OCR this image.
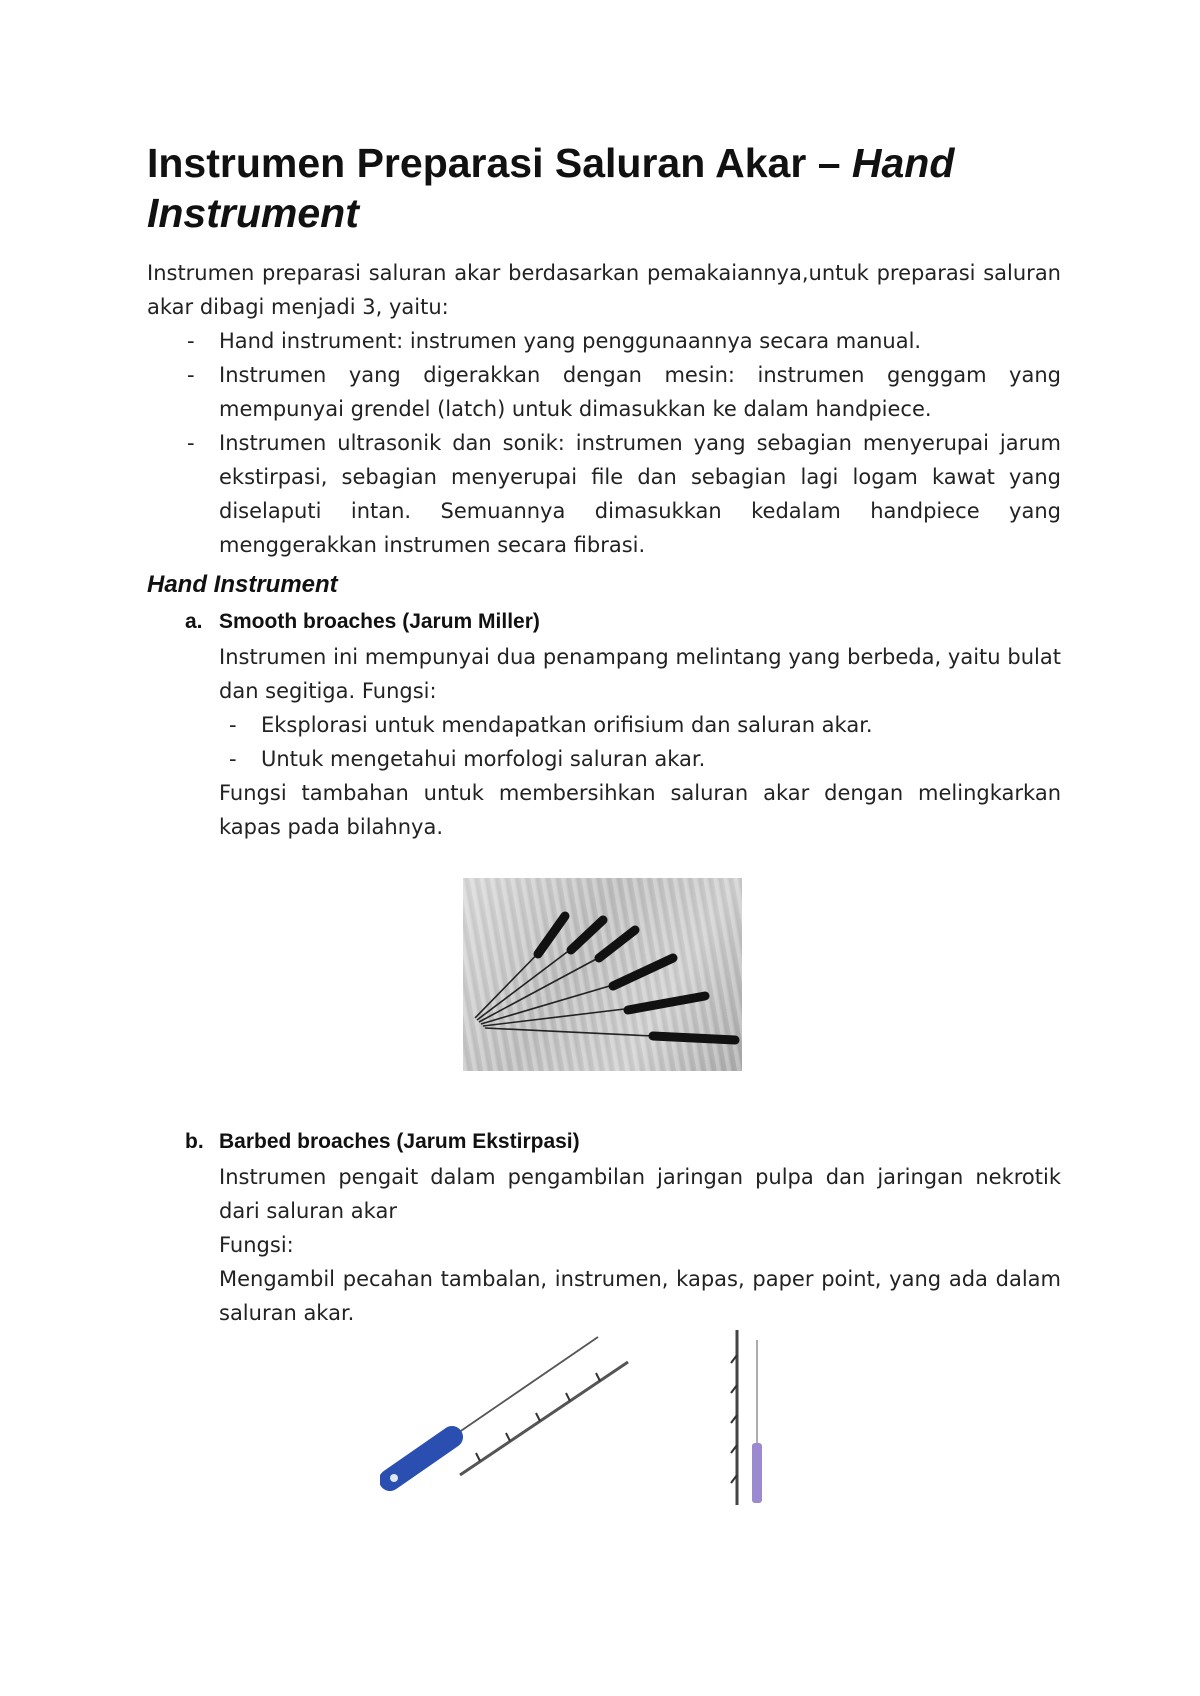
Instrumen Preparasi Saluran Akar – Hand Instrument

Instrumen preparasi saluran akar berdasarkan pemakaiannya,untuk preparasi saluran akar dibagi menjadi 3, yaitu:

- Hand instrument: instrumen yang penggunaannya secara manual.
- Instrumen yang digerakkan dengan mesin: instrumen genggam yang mempunyai grendel (latch) untuk dimasukkan ke dalam handpiece.
- Instrumen ultrasonik dan sonik: instrumen yang sebagian menyerupai jarum ekstirpasi, sebagian menyerupai file dan sebagian lagi logam kawat yang diselaputi intan. Semuannya dimasukkan kedalam handpiece yang menggerakkan instrumen secara fibrasi.
Hand Instrument
a. Smooth broaches (Jarum Miller)

Instrumen ini mempunyai dua penampang melintang yang berbeda, yaitu bulat dan segitiga. Fungsi:

- Eksplorasi untuk mendapatkan orifisium dan saluran akar.
- Untuk mengetahui morfologi saluran akar.

Fungsi tambahan untuk membersihkan saluran akar dengan melingkarkan kapas pada bilahnya.

b. Barbed broaches (Jarum Ekstirpasi)

Instrumen pengait dalam pengambilan jaringan pulpa dan jaringan nekrotik dari saluran akar

Fungsi:

Mengambil pecahan tambalan, instrumen, kapas, paper point, yang ada dalam saluran akar.
